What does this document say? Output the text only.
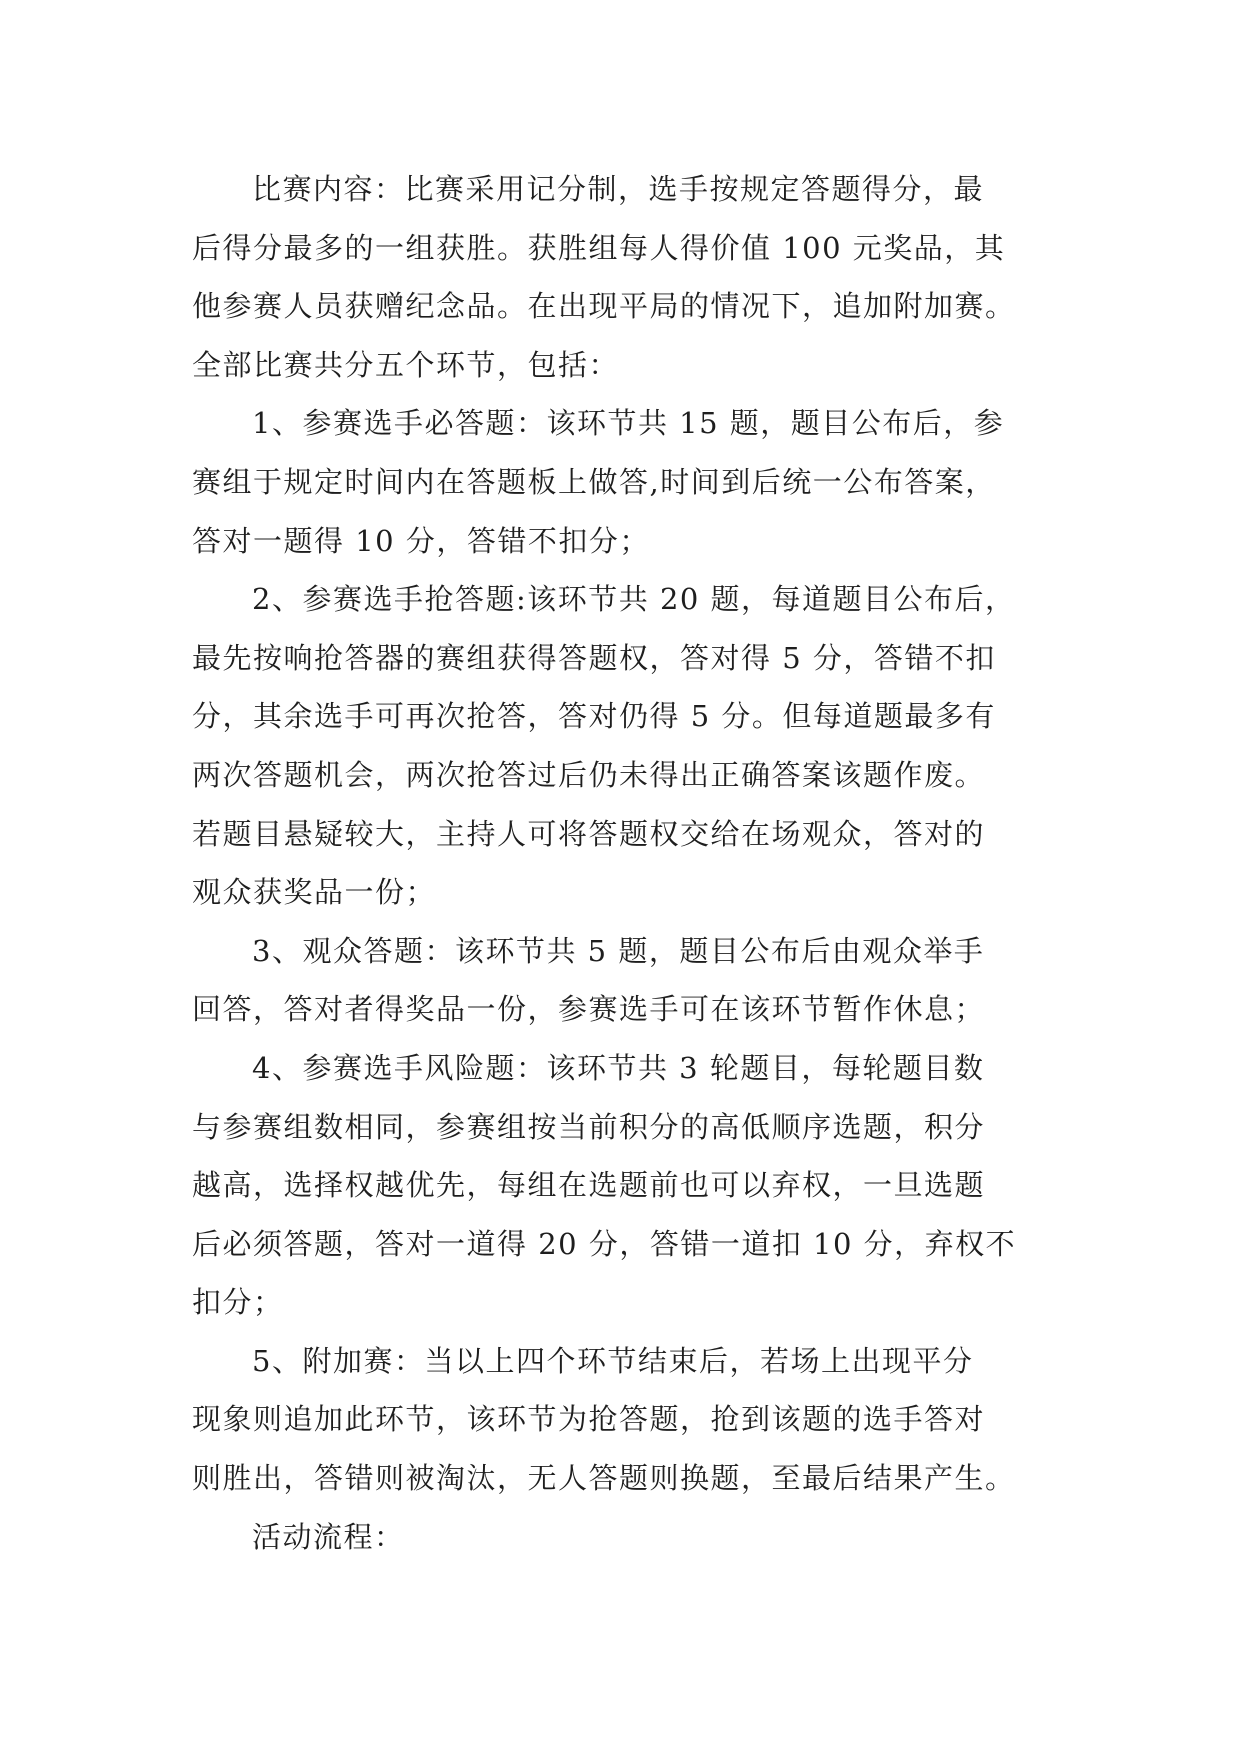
比赛内容：比赛采用记分制，选手按规定答题得分，最
后得分最多的一组获胜。获胜组每人得价值 100 元奖品，其
他参赛人员获赠纪念品。在出现平局的情况下，追加附加赛。
全部比赛共分五个环节，包括：
1、参赛选手必答题：该环节共 15 题，题目公布后，参
赛组于规定时间内在答题板上做答,时间到后统一公布答案，
答对一题得 10 分，答错不扣分；
2、参赛选手抢答题:该环节共 20 题，每道题目公布后，
最先按响抢答器的赛组获得答题权，答对得 5 分，答错不扣
分，其余选手可再次抢答，答对仍得 5 分。但每道题最多有
两次答题机会，两次抢答过后仍未得出正确答案该题作废。
若题目悬疑较大，主持人可将答题权交给在场观众，答对的
观众获奖品一份；
3、观众答题：该环节共 5 题，题目公布后由观众举手
回答，答对者得奖品一份，参赛选手可在该环节暂作休息；
4、参赛选手风险题：该环节共 3 轮题目，每轮题目数
与参赛组数相同，参赛组按当前积分的高低顺序选题，积分
越高，选择权越优先，每组在选题前也可以弃权，一旦选题
后必须答题，答对一道得 20 分，答错一道扣 10 分，弃权不
扣分；
5、附加赛：当以上四个环节结束后，若场上出现平分
现象则追加此环节，该环节为抢答题，抢到该题的选手答对
则胜出，答错则被淘汰，无人答题则换题，至最后结果产生。
活动流程：
